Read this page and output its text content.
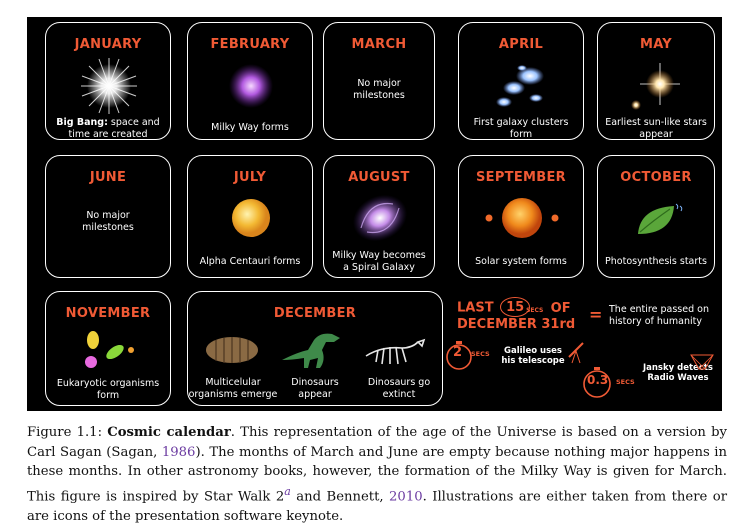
JANUARY
Big Bang: space and time are created
FEBRUARY
Milky Way forms
MARCH
No major milestones
APRIL
First galaxy clusters form
MAY
Earliest sun-like stars appear
JUNE
No major milestones
JULY
Alpha Centauri forms
AUGUST
Milky Way becomes a Spiral Galaxy
SEPTEMBER
Solar system forms
OCTOBER
Photosynthesis starts
NOVEMBER
Eukaryotic organisms form
DECEMBER
Multicelular organisms emerge
Dinosaurs appear
Dinosaurs go extinct
LAST 15 SECS OF
DECEMBER 31rd
= The entire passed on history of humanity
2 SECS	Galileo uses his telescope
0.3 SECS
Jansky detects Radio Waves
Figure 1.1: Cosmic calendar. This representation of the age of the Universe is based on a version by Carl Sagan (Sagan, 1986). The months of March and June are empty because nothing major happens in these months. In other astronomy books, however, the formation of the Milky Way is given for March. This figure is inspired by Star Walk 2$^a$ and Bennett, 2010. Illustrations are either taken from there or are icons of the presentation software keynote.
